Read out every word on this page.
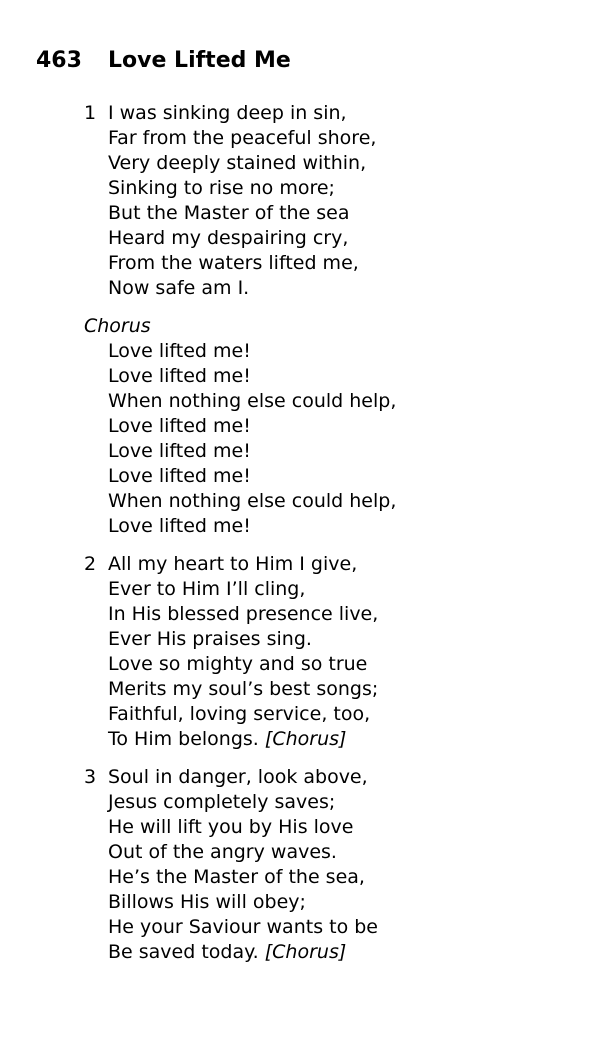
463 Love Lifted Me
1 I was sinking deep in sin,
Far from the peaceful shore,
Very deeply stained within,
Sinking to rise no more;
But the Master of the sea
Heard my despairing cry,
From the waters lifted me,
Now safe am I.
Chorus
Love lifted me!
Love lifted me!
When nothing else could help,
Love lifted me!
Love lifted me!
Love lifted me!
When nothing else could help,
Love lifted me!
2 All my heart to Him I give,
Ever to Him I’ll cling,
In His blessed presence live,
Ever His praises sing.
Love so mighty and so true
Merits my soul’s best songs;
Faithful, loving service, too,
To Him belongs. [Chorus]
3 Soul in danger, look above,
Jesus completely saves;
He will lift you by His love
Out of the angry waves.
He’s the Master of the sea,
Billows His will obey;
He your Saviour wants to be
Be saved today. [Chorus]
